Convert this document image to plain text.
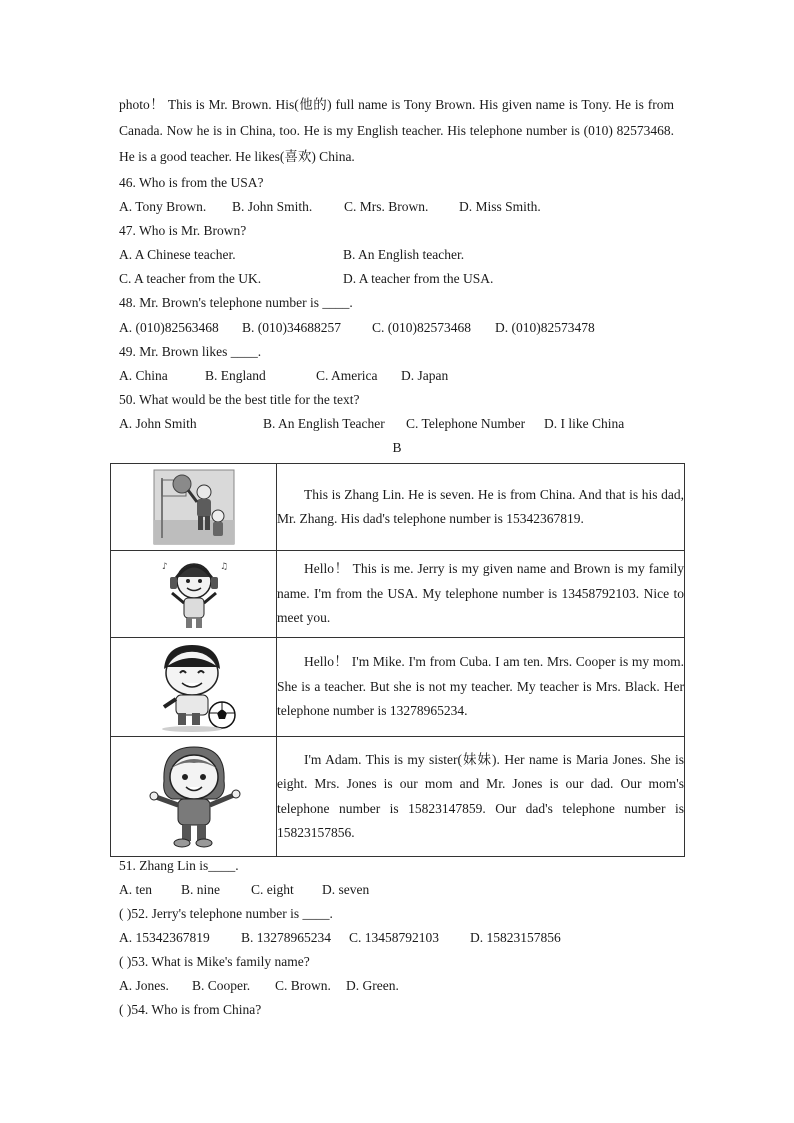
photo！ This is Mr. Brown. His(他的) full name is Tony Brown. His given name is Tony. He is from Canada. Now he is in China, too. He is my English teacher. His telephone number is (010) 82573468. He is a good teacher. He likes(喜欢) China.
46. Who is from the USA?
A. Tony Brown. B. John Smith. C. Mrs. Brown. D. Miss Smith.
47. Who is Mr. Brown?
A. A Chinese teacher.	B. An English teacher.
C. A teacher from the UK.	D. A teacher from the USA.
48. Mr. Brown's telephone number is ____.
A. (010)82563468 B. (010)34688257 C. (010)82573468 D. (010)82573478
49. Mr. Brown likes ____.
A. China	B. England	C. America D. Japan
50. What would be the best title for the text?
A. John Smith	B. An English Teacher C. Telephone Number D. I like China
B

This is Zhang Lin. He is seven. He is from China. And that is his dad, Mr. Zhang. His dad's telephone number is 15342367819.

♪ ♫	Hello！ This is me. Jerry is my given name and Brown is my family name. I'm from the USA. My telephone number is 13458792103. Nice to meet you.

Hello！ I'm Mike. I'm from Cuba. I am ten. Mrs. Cooper is my mom. She is a teacher. But she is not my teacher. My teacher is Mrs. Black. Her telephone number is 13278965234.

I'm Adam. This is my sister(妹妹). Her name is Maria Jones. She is eight. Mrs. Jones is our mom and Mr. Jones is our dad. Our mom's telephone number is 15823147859. Our dad's telephone number is 15823157856.
51. Zhang Lin is____.
A. ten B. nine C. eight D. seven
( )52. Jerry's telephone number is ____.
A. 15342367819 B. 13278965234 C. 13458792103 D. 15823157856
( )53. What is Mike's family name?
A. Jones. B. Cooper. C. Brown. D. Green.
( )54. Who is from China?
